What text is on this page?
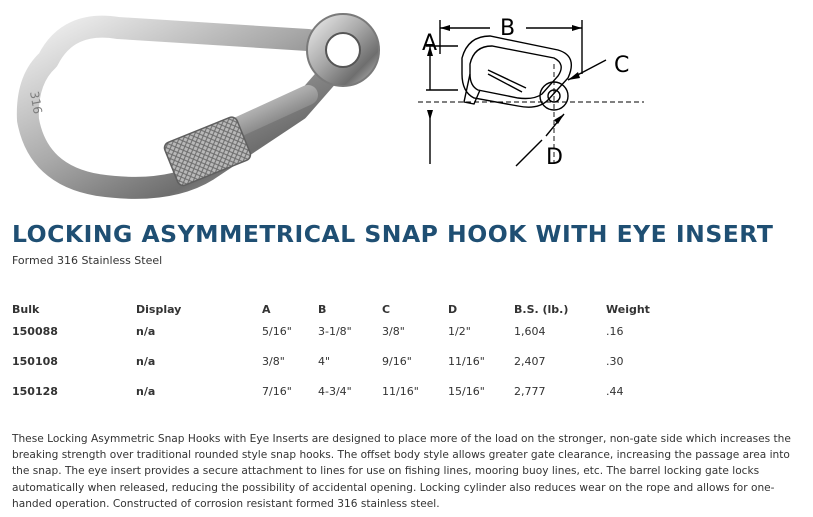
316
A
B
C
D
LOCKING ASYMMETRICAL SNAP HOOK WITH EYE INSERT
Formed 316 Stainless Steel
Bulk	Display	A	B	C	D	B.S. (lb.)	Weight
150088	n/a	5/16"	3-1/8"	3/8"	1/2"	1,604	.16
150108	n/a	3/8"	4"	9/16"	11/16"	2,407	.30
150128	n/a	7/16"	4-3/4"	11/16"	15/16"	2,777	.44

These Locking Asymmetric Snap Hooks with Eye Inserts are designed to place more of the load on the stronger, non-gate side which increases the breaking strength over traditional rounded style snap hooks. The offset body style allows greater gate clearance, increasing the passage area into the snap. The eye insert provides a secure attachment to lines for use on fishing lines, mooring buoy lines, etc. The barrel locking gate locks automatically when released, reducing the possibility of accidental opening. Locking cylinder also reduces wear on the rope and allows for one-handed operation. Constructed of corrosion resistant formed 316 stainless steel.
